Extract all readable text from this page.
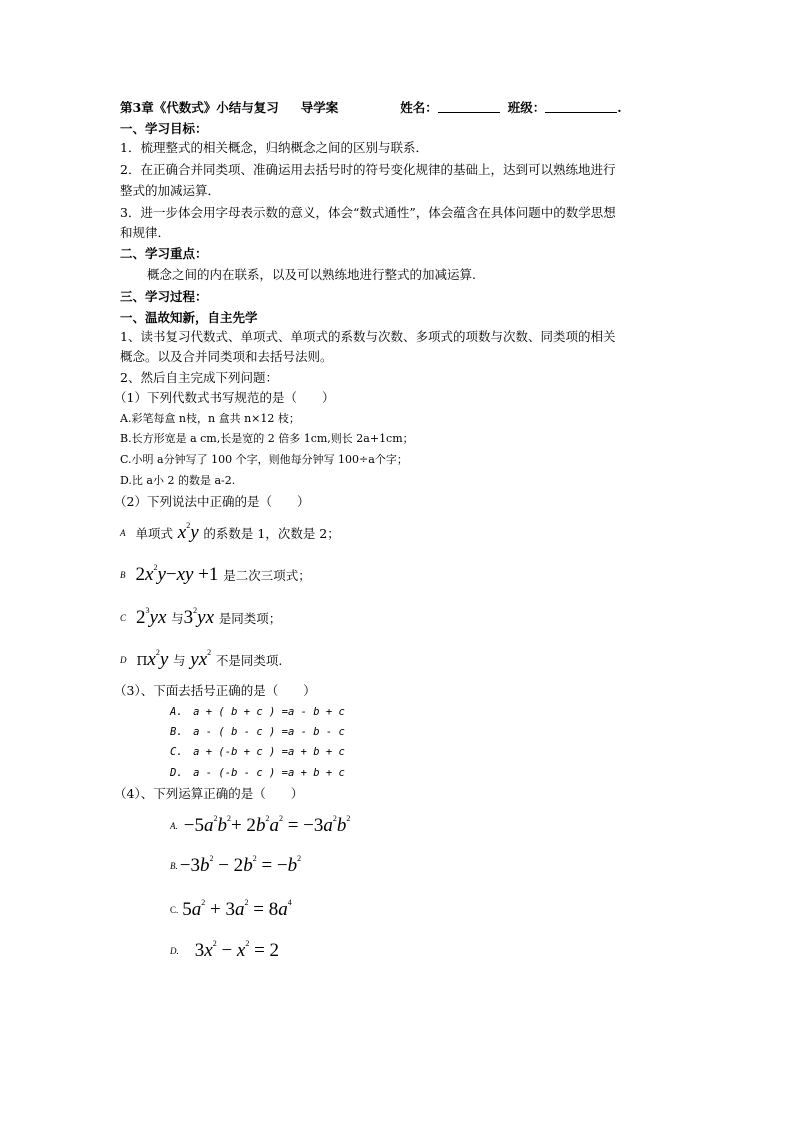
第3章《代数式》小结与复习 导学案	姓名：	班级：	.
一、学习目标：
1．梳理整式的相关概念，归纳概念之间的区别与联系．
2．在正确合并同类项、准确运用去括号时的符号变化规律的基础上，达到可以熟练地进行
整式的加减运算．
3．进一步体会用字母表示数的意义，体会“数式通性”，体会蕴含在具体问题中的数学思想
和规律．
二、学习重点：
概念之间的内在联系，以及可以熟练地进行整式的加减运算.
三、学习过程：
一、温故知新，自主先学
1、读书复习代数式、单项式、单项式的系数与次数、多项式的项数与次数、同类项的相关
概念。以及合并同类项和去括号法则。
2、然后自主完成下列问题：
（1）下列代数式书写规范的是（　　）
A.彩笔每盒 n枝，n 盒共 n×12 枝；
B.长方形宽是 a cm,长是宽的 2 倍多 1cm,则长 2a+1cm；
C.小明 a分钟写了 100 个字，则他每分钟写 100÷a个字；
D.比 a小 2 的数是 a-2.
（2）下列说法中正确的是（　　）
A 单项式 $x^2y$ 的系数是 1，次数是 2；
B $2x^2y-xy +1$ 是二次三项式；
C $2^3yx$ 与$3^2yx$ 是同类项；
D $\Pi x^2y$ 与 $yx^2$ 不是同类项.
（3）、下面去括号正确的是（　　）
A.　a + ( b + c ) =a - b + c
B.　a - ( b - c ) =a - b - c
C.　a + (-b + c ) =a + b + c
D.　a - (-b - c ) =a + b + c
（4）、下列运算正确的是（　　）
A. $-5a^2b^2+ 2b^2a^2 = -3a^2b^2$
B. $-3b^2 - 2b^2 = -b^2$
C. $5a^2 + 3a^2 = 8a^4$
D. $3x^2 - x^2 = 2$
